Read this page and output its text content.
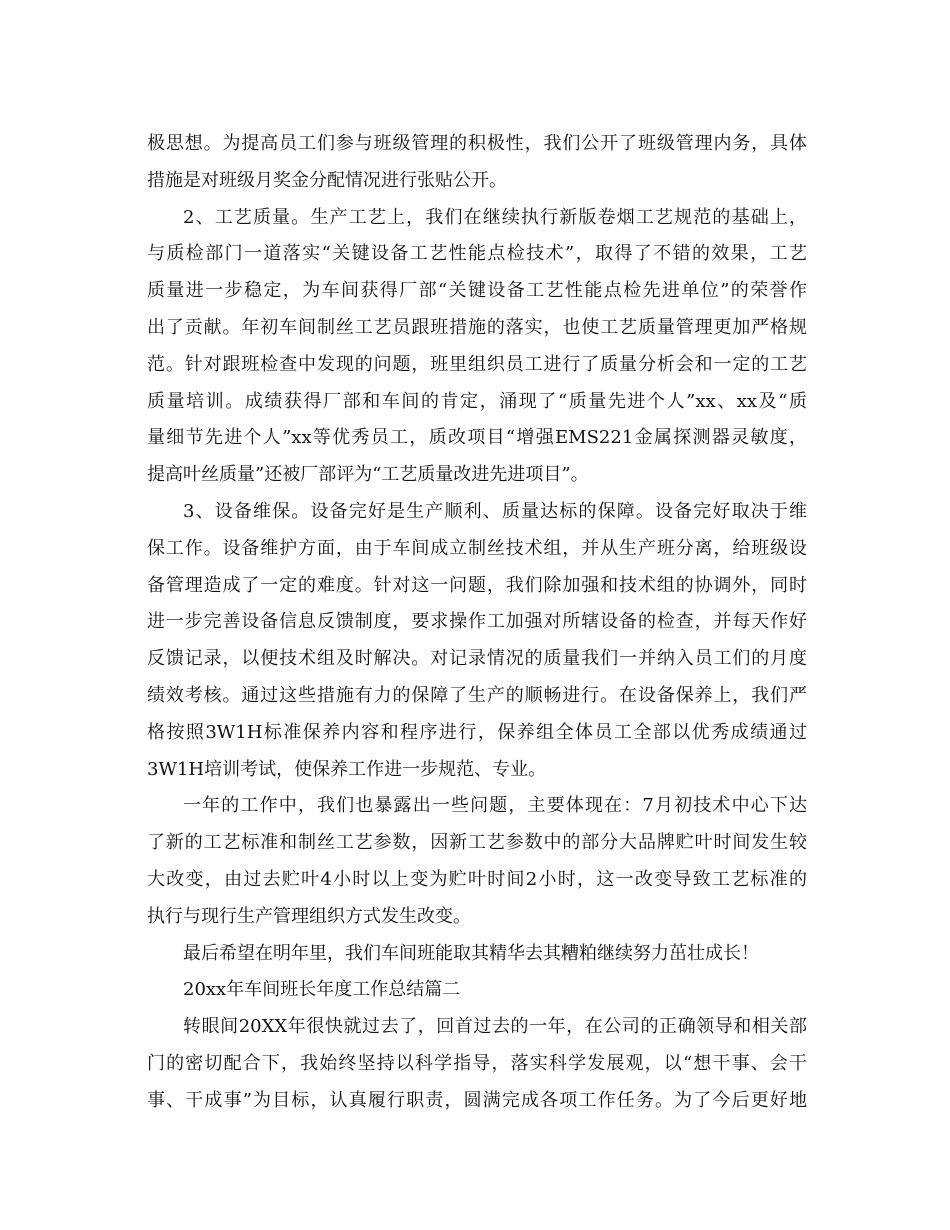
极思想。为提高员工们参与班级管理的积极性，我们公开了班级管理内务，具体
措施是对班级月奖金分配情况进行张贴公开。
2、工艺质量。生产工艺上，我们在继续执行新版卷烟工艺规范的基础上，
与质检部门一道落实“关键设备工艺性能点检技术”，取得了不错的效果，工艺
质量进一步稳定，为车间获得厂部“关键设备工艺性能点检先进单位”的荣誉作
出了贡献。年初车间制丝工艺员跟班措施的落实，也使工艺质量管理更加严格规
范。针对跟班检查中发现的问题，班里组织员工进行了质量分析会和一定的工艺
质量培训。成绩获得厂部和车间的肯定，涌现了“质量先进个人”xx、xx及“质
量细节先进个人”xx等优秀员工，质改项目“增强EMS221金属探测器灵敏度，
提高叶丝质量”还被厂部评为“工艺质量改进先进项目”。
3、设备维保。设备完好是生产顺利、质量达标的保障。设备完好取决于维
保工作。设备维护方面，由于车间成立制丝技术组，并从生产班分离，给班级设
备管理造成了一定的难度。针对这一问题，我们除加强和技术组的协调外，同时
进一步完善设备信息反馈制度，要求操作工加强对所辖设备的检查，并每天作好
反馈记录，以便技术组及时解决。对记录情况的质量我们一并纳入员工们的月度
绩效考核。通过这些措施有力的保障了生产的顺畅进行。在设备保养上，我们严
格按照3W1H标准保养内容和程序进行，保养组全体员工全部以优秀成绩通过
3W1H培训考试，使保养工作进一步规范、专业。
一年的工作中，我们也暴露出一些问题，主要体现在：7月初技术中心下达
了新的工艺标准和制丝工艺参数，因新工艺参数中的部分大品牌贮叶时间发生较
大改变，由过去贮叶4小时以上变为贮叶时间2小时，这一改变导致工艺标准的
执行与现行生产管理组织方式发生改变。
最后希望在明年里，我们车间班能取其精华去其糟粕继续努力茁壮成长！
20xx年车间班长年度工作总结篇二
转眼间20XX年很快就过去了，回首过去的一年，在公司的正确领导和相关部
门的密切配合下，我始终坚持以科学指导，落实科学发展观，以“想干事、会干
事、干成事”为目标，认真履行职责，圆满完成各项工作任务。为了今后更好地
